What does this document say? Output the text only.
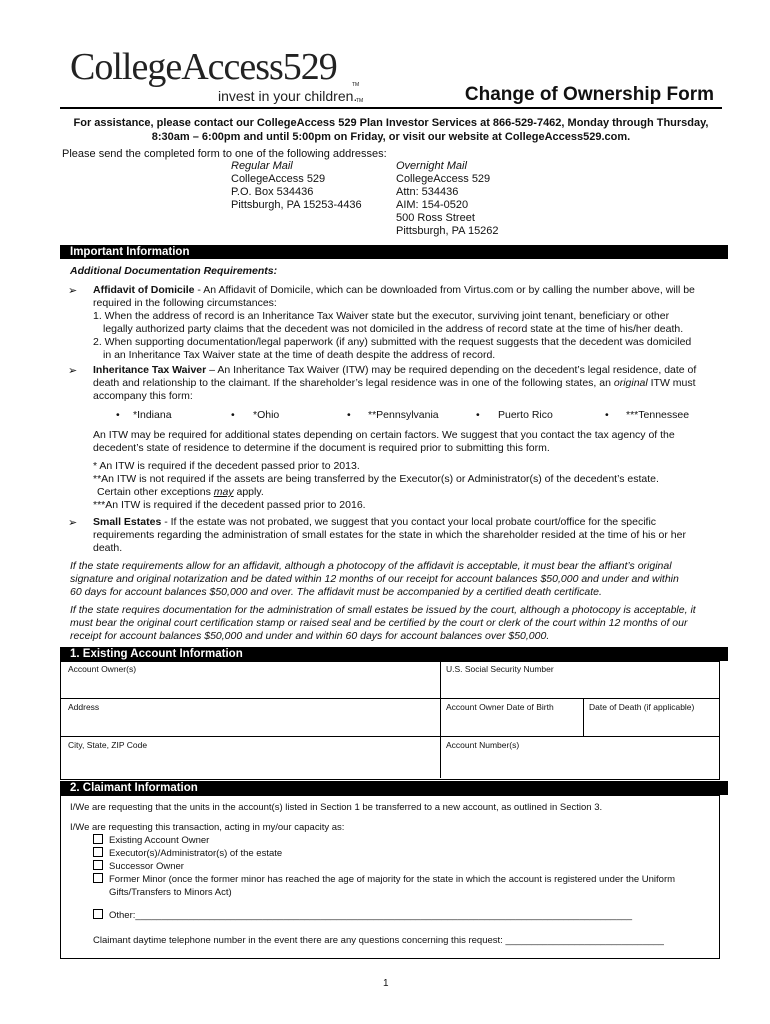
CollegeAccess529	TM
invest in your children.
TM	Change of Ownership Form
For assistance, please contact our CollegeAccess 529 Plan Investor Services at 866-529-7462, Monday through Thursday,
8:30am – 6:00pm and until 5:00pm on Friday, or visit our website at CollegeAccess529.com.
Please send the completed form to one of the following addresses:
Regular Mail
CollegeAccess 529
P.O. Box 534436
Pittsburgh, PA 15253-4436
Overnight Mail
CollegeAccess 529
Attn: 534436
AIM: 154-0520
500 Ross Street
Pittsburgh, PA 15262
Important Information
Additional Documentation Requirements:
➢ Affidavit of Domicile - An Affidavit of Domicile, which can be downloaded from Virtus.com or by calling the number above, will be
required in the following circumstances:
1. When the address of record is an Inheritance Tax Waiver state but the executor, surviving joint tenant, beneficiary or other
legally authorized party claims that the decedent was not domiciled in the address of record state at the time of his/her death.
2. When supporting documentation/legal paperwork (if any) submitted with the request suggests that the decedent was domiciled
in an Inheritance Tax Waiver state at the time of death despite the address of record.
➢ Inheritance Tax Waiver – An Inheritance Tax Waiver (ITW) may be required depending on the decedent’s legal residence, date of
death and relationship to the claimant. If the shareholder’s legal residence was in one of the following states, an original ITW must
accompany this form:
• *Indiana	• *Ohio	• **Pennsylvania	• Puerto Rico	• ***Tennessee
An ITW may be required for additional states depending on certain factors. We suggest that you contact the tax agency of the
decedent’s state of residence to determine if the document is required prior to submitting this form.
* An ITW is required if the decedent passed prior to 2013.
**An ITW is not required if the assets are being transferred by the Executor(s) or Administrator(s) of the decedent’s estate.
Certain other exceptions may apply.
***An ITW is required if the decedent passed prior to 2016.
➢ Small Estates - If the estate was not probated, we suggest that you contact your local probate court/office for the specific
requirements regarding the administration of small estates for the state in which the shareholder resided at the time of his or her
death.
If the state requirements allow for an affidavit, although a photocopy of the affidavit is acceptable, it must bear the affiant’s original
signature and original notarization and be dated within 12 months of our receipt for account balances $50,000 and under and within
60 days for account balances $50,000 and over. The affidavit must be accompanied by a certified death certificate.
If the state requires documentation for the administration of small estates be issued by the court, although a photocopy is acceptable, it
must bear the original court certification stamp or raised seal and be certified by the court or clerk of the court within 12 months of our
receipt for account balances $50,000 and under and within 60 days for account balances over $50,000.
1. Existing Account Information
Account Owner(s)	U.S. Social Security Number
Address	Account Owner Date of Birth	Date of Death (if applicable)
City, State, ZIP Code	Account Number(s)
2. Claimant Information
I/We are requesting that the units in the account(s) listed in Section 1 be transferred to a new account, as outlined in Section 3.
I/We are requesting this transaction, acting in my/our capacity as:
Existing Account Owner
Executor(s)/Administrator(s) of the estate
Successor Owner
Former Minor (once the former minor has reached the age of majority for the state in which the account is registered under the Uniform
Gifts/Transfers to Minors Act)
Other:______________________________________________________________________________________________
Claimant daytime telephone number in the event there are any questions concerning this request: ______________________________
1
